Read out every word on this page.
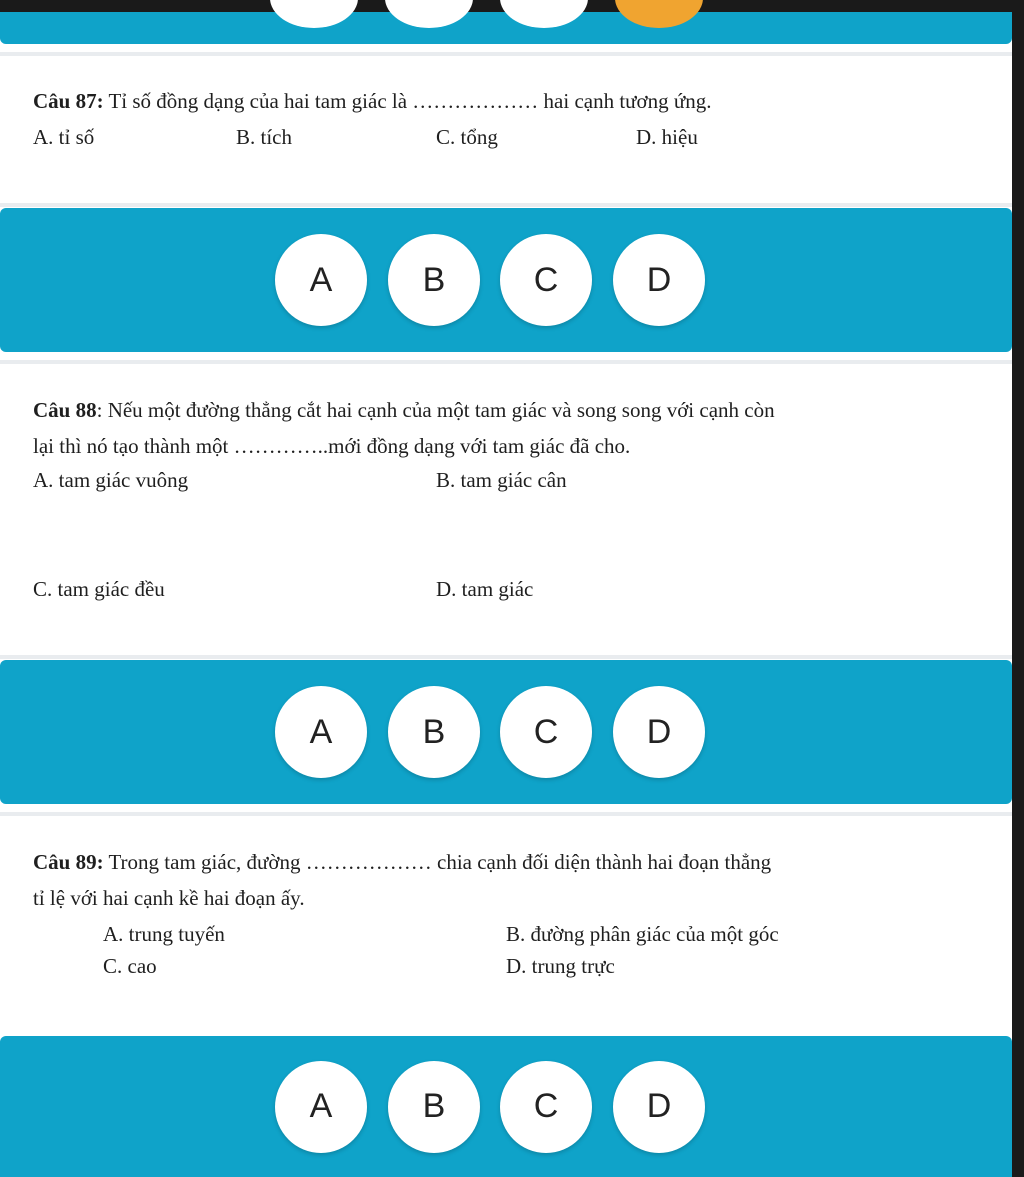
Câu 87: Tỉ số đồng dạng của hai tam giác là ……………… hai cạnh tương ứng.
A. tỉ số	B. tích	C. tổng	D. hiệu
A	B	C	D
Câu 88: Nếu một đường thẳng cắt hai cạnh của một tam giác và song song với cạnh còn
lại thì nó tạo thành một …………..mới đồng dạng với tam giác đã cho.
A. tam giác vuông	B. tam giác cân
C. tam giác đều	D. tam giác
A	B	C	D
Câu 89: Trong tam giác, đường ……………… chia cạnh đối diện thành hai đoạn thẳng
tỉ lệ với hai cạnh kề hai đoạn ấy.
A. trung tuyến	B. đường phân giác của một góc
C. cao	D. trung trực
A	B	C	D
